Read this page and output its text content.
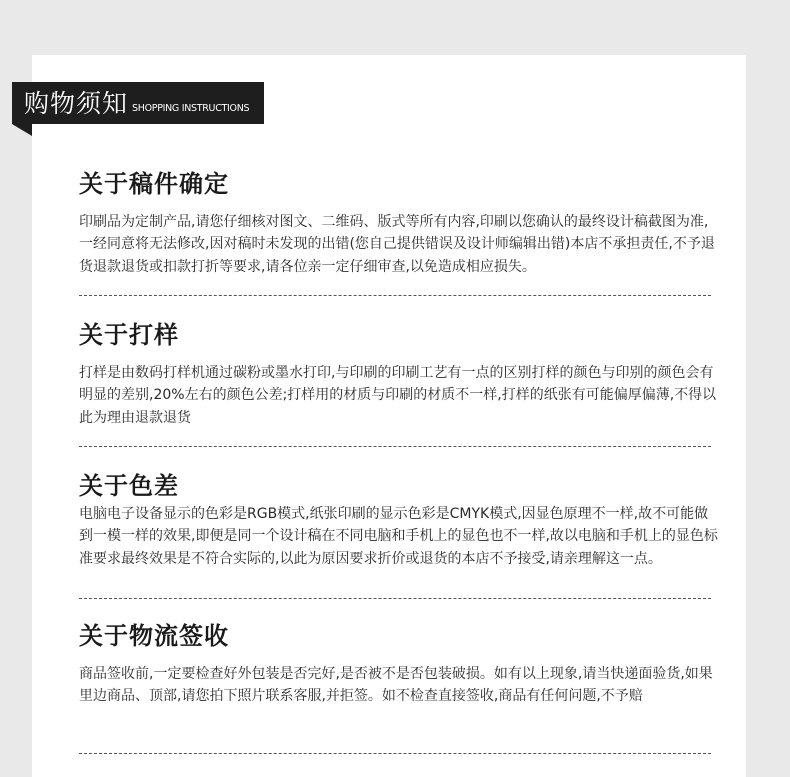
购物须知 SHOPPING INSTRUCTIONS
关于稿件确定

印刷品为定制产品,请您仔细核对图文、二维码、版式等所有内容,印刷以您确认的最终设计稿截图为准,一经同意将无法修改,因对稿时未发现的出错(您自己提供错误及设计师编辑出错)本店不承担责任,不予退货退款退货或扣款打折等要求,请各位亲一定仔细审查,以免造成相应损失。

关于打样

打样是由数码打样机通过碳粉或墨水打印,与印刷的印刷工艺有一点的区别打样的颜色与印别的颜色会有明显的差别,20%左右的颜色公差;打样用的材质与印刷的材质不一样,打样的纸张有可能偏厚偏薄,不得以此为理由退款退货

关于色差

电脑电子设备显示的色彩是RGB模式,纸张印刷的显示色彩是CMYK模式,因显色原理不一样,故不可能做到一模一样的效果,即便是同一个设计稿在不同电脑和手机上的显色也不一样,故以电脑和手机上的显色标准要求最终效果是不符合实际的,以此为原因要求折价或退货的本店不予接受,请亲理解这一点。

关于物流签收

商品签收前,一定要检查好外包装是否完好,是否被不是否包装破损。如有以上现象,请当快递面验货,如果里边商品、顶部,请您拍下照片联系客服,并拒签。如不检查直接签收,商品有任何问题,不予赔
